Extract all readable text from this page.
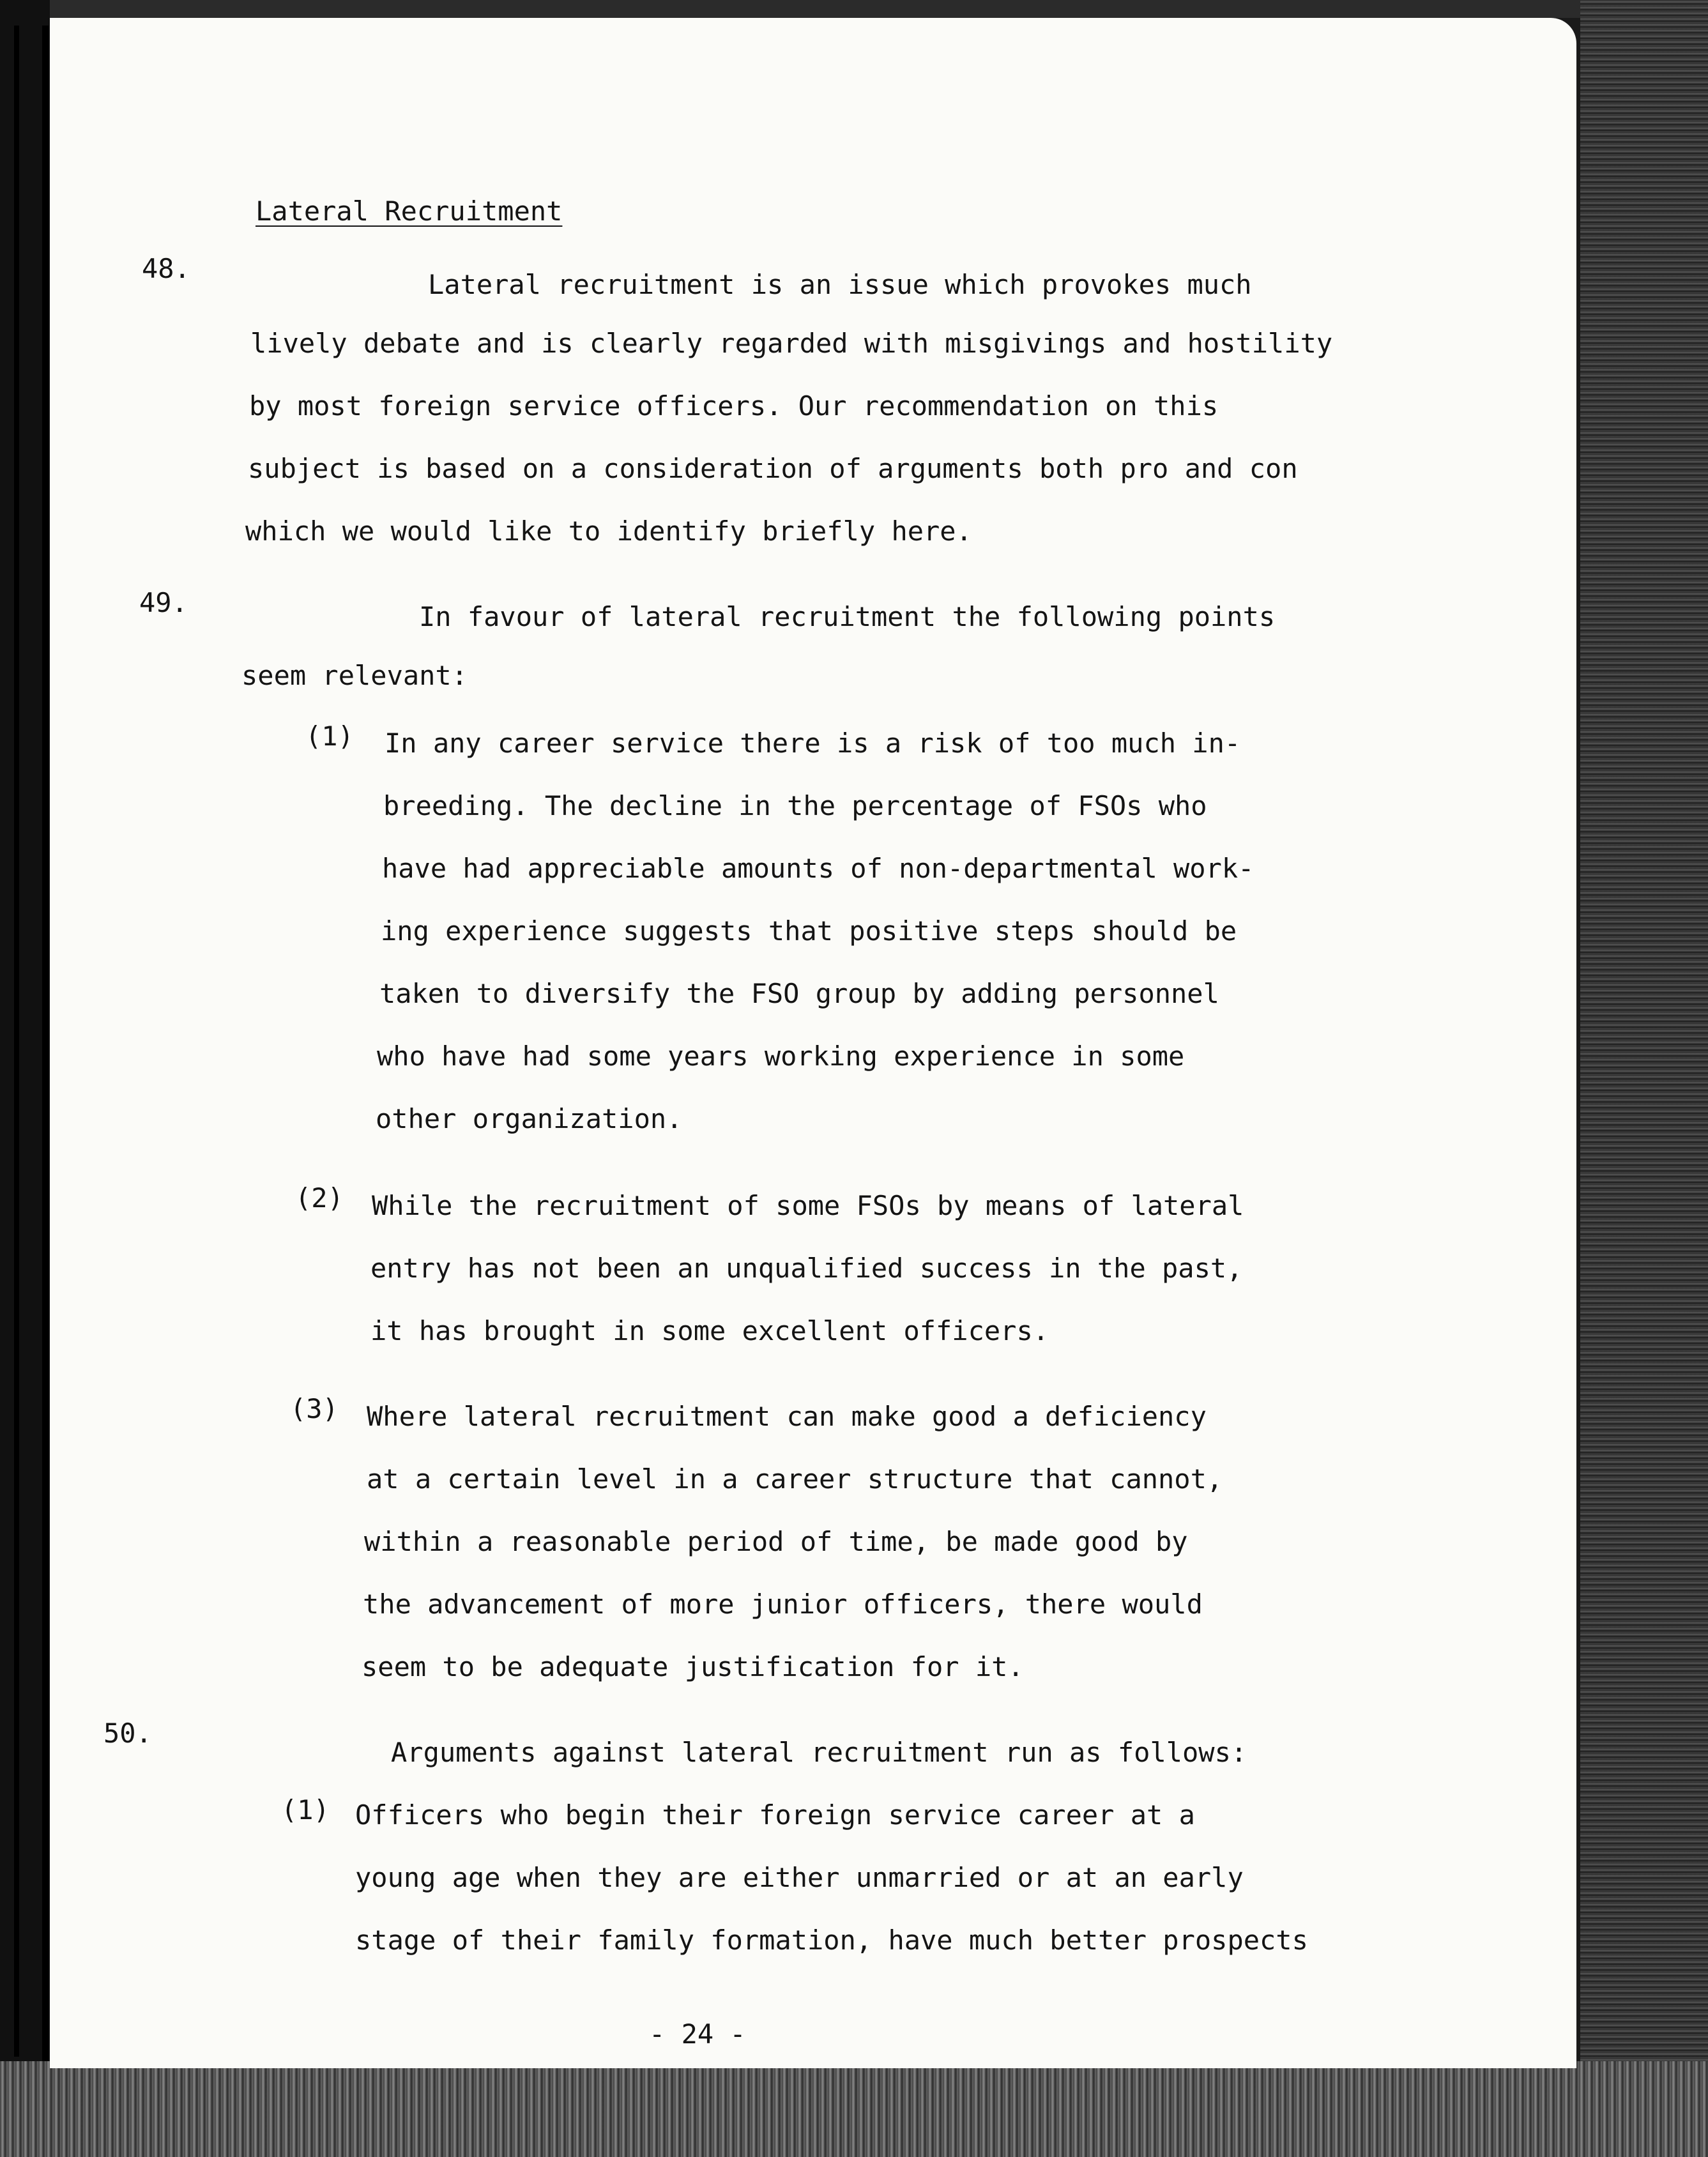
Lateral Recruitment
48.
Lateral recruitment is an issue which provokes much
lively debate and is clearly regarded with misgivings and hostility
by most foreign service officers. Our recommendation on this
subject is based on a consideration of arguments both pro and con
which we would like to identify briefly here.
49.	In favour of lateral recruitment the following points
seem relevant:
(1) In any career service there is a risk of too much in-
breeding. The decline in the percentage of FSOs who
have had appreciable amounts of non-departmental work-
ing experience suggests that positive steps should be
taken to diversify the FSO group by adding personnel
who have had some years working experience in some
other organization.
(2) While the recruitment of some FSOs by means of lateral
entry has not been an unqualified success in the past,
it has brought in some excellent officers.
(3) Where lateral recruitment can make good a deficiency
at a certain level in a career structure that cannot,
within a reasonable period of time, be made good by
the advancement of more junior officers, there would
seem to be adequate justification for it.
50.
Arguments against lateral recruitment run as follows:
(1) Officers who begin their foreign service career at a
young age when they are either unmarried or at an early
stage of their family formation, have much better prospects
- 24 -
